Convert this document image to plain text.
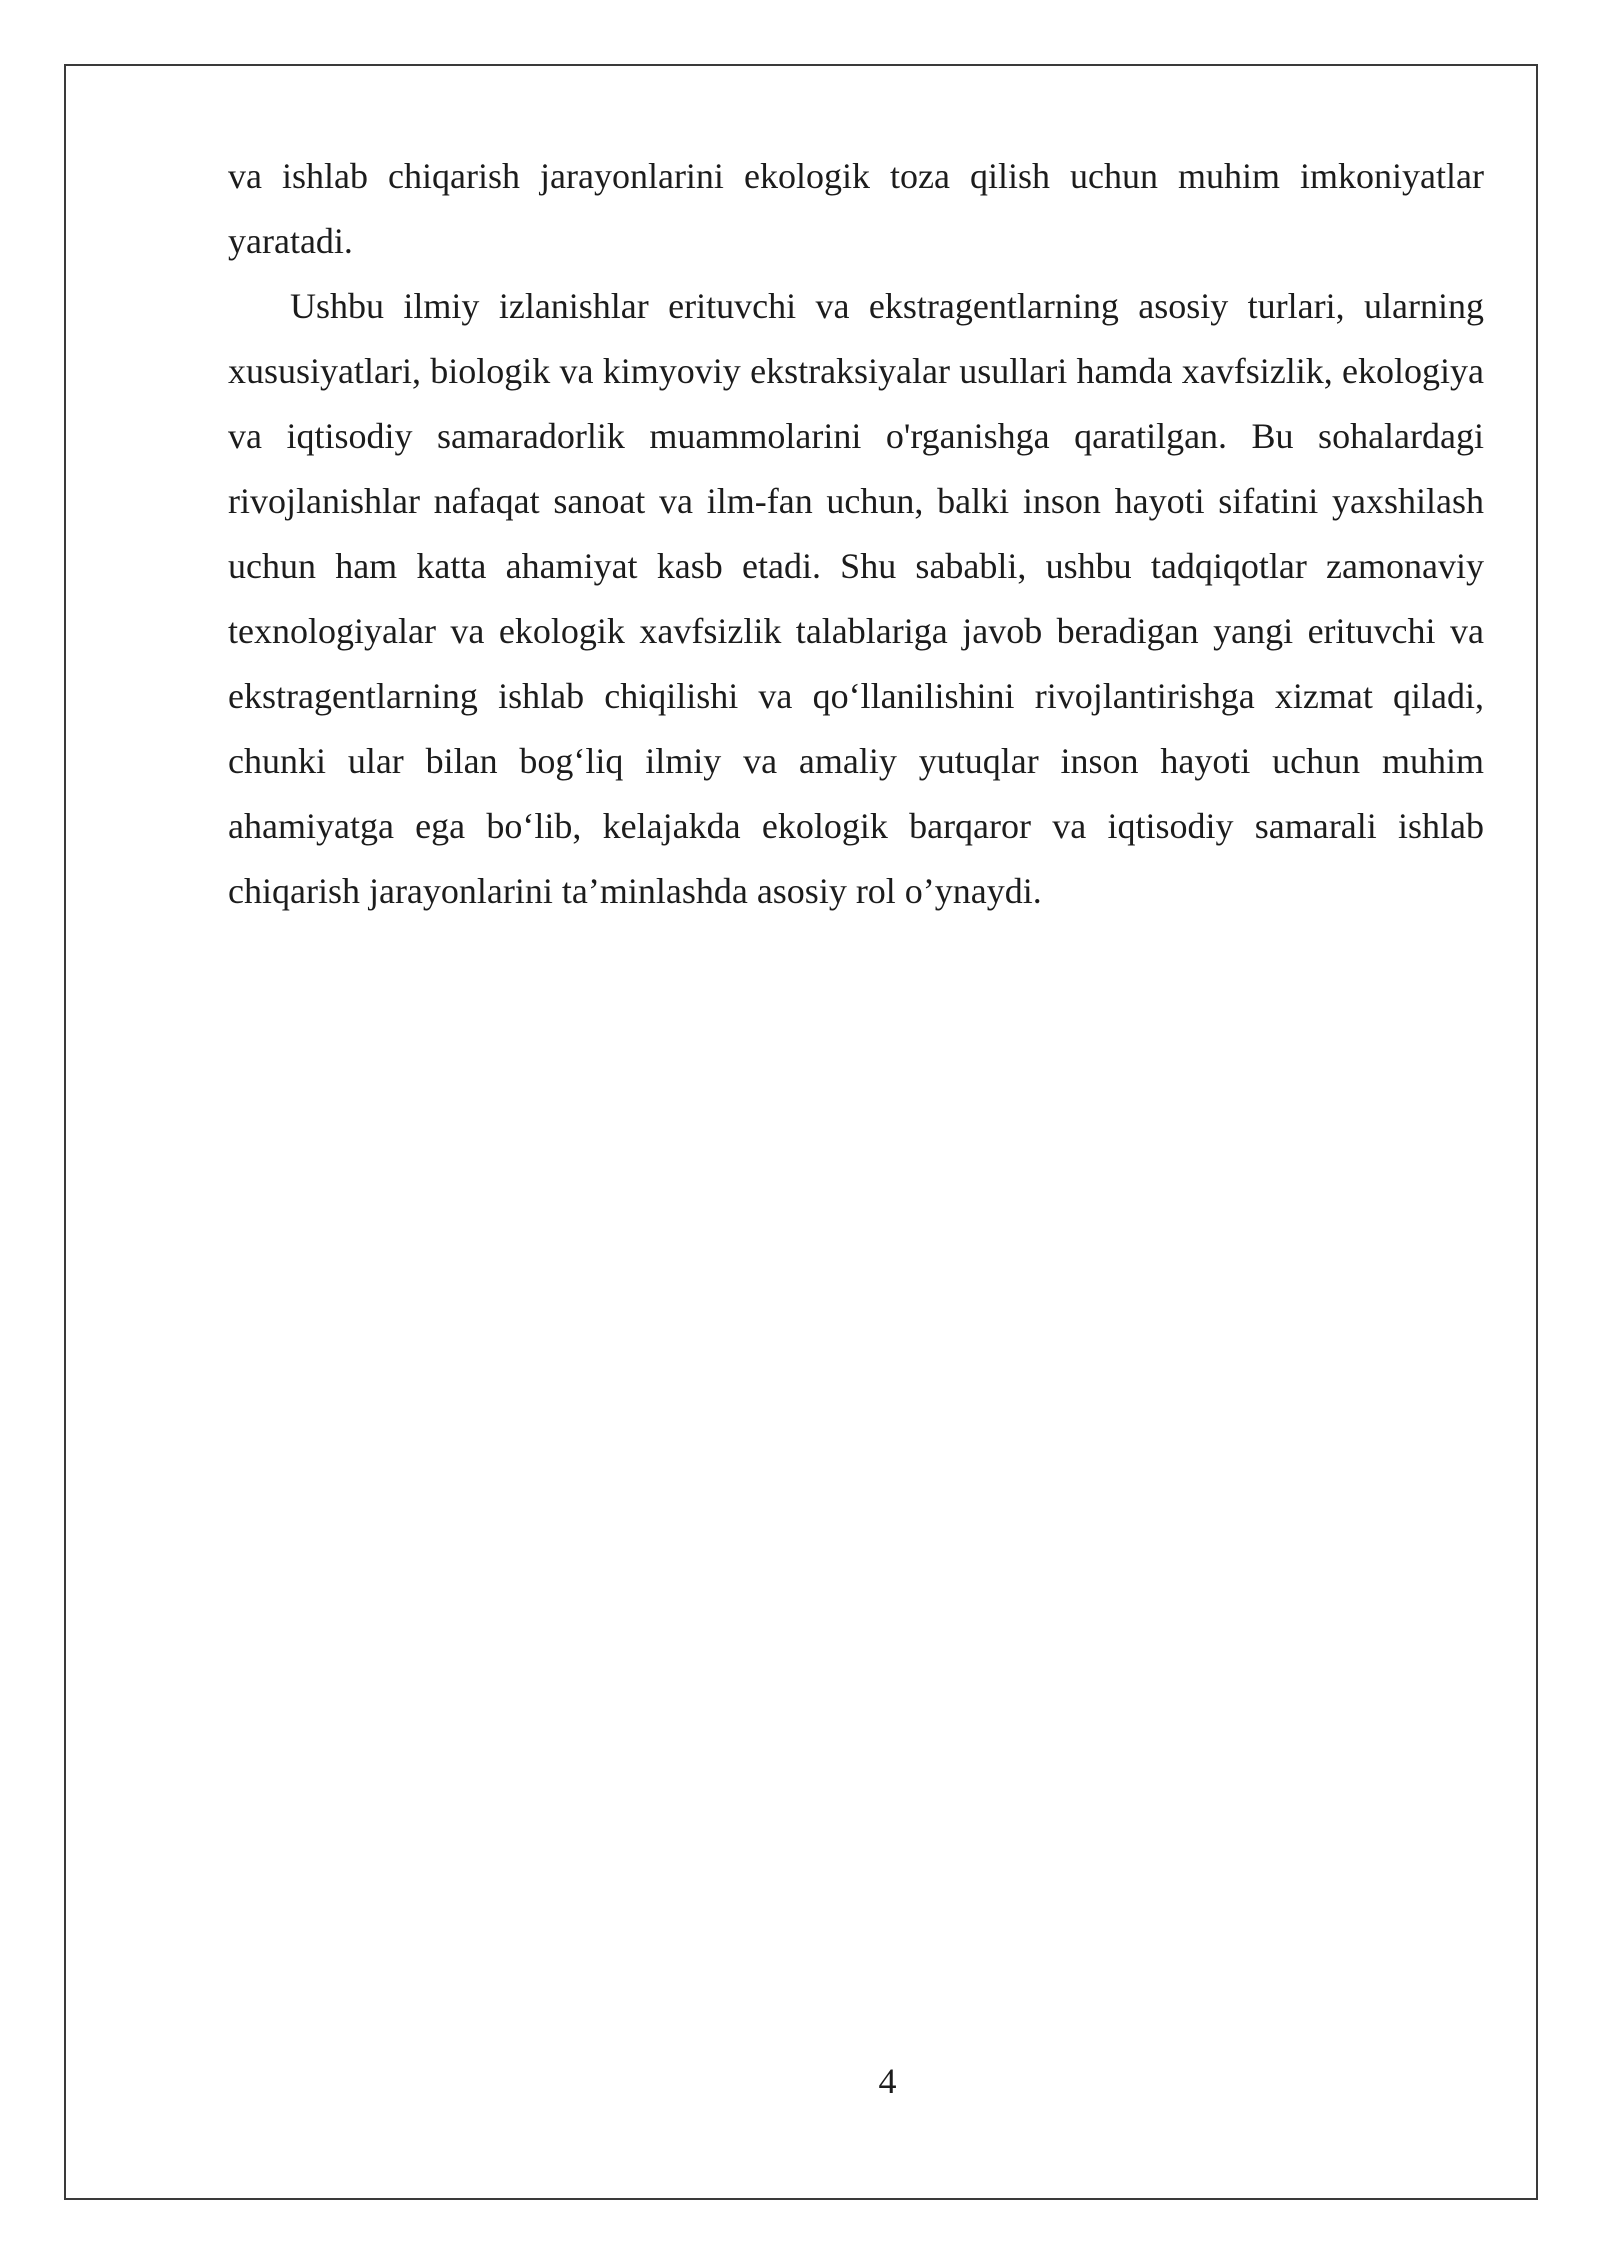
va ishlab chiqarish jarayonlarini ekologik toza qilish uchun muhim imkoniyatlar yaratadi.

Ushbu ilmiy izlanishlar erituvchi va ekstragentlarning asosiy turlari, ularning xususiyatlari, biologik va kimyoviy ekstraksiyalar usullari hamda xavfsizlik, ekologiya va iqtisodiy samaradorlik muammolarini o'rganishga qaratilgan. Bu sohalardagi rivojlanishlar nafaqat sanoat va ilm-fan uchun, balki inson hayoti sifatini yaxshilash uchun ham katta ahamiyat kasb etadi. Shu sababli, ushbu tadqiqotlar zamonaviy texnologiyalar va ekologik xavfsizlik talablariga javob beradigan yangi erituvchi va ekstragentlarning ishlab chiqilishi va qo‘llanilishini rivojlantirishga xizmat qiladi, chunki ular bilan bog‘liq ilmiy va amaliy yutuqlar inson hayoti uchun muhim ahamiyatga ega bo‘lib, kelajakda ekologik barqaror va iqtisodiy samarali ishlab chiqarish jarayonlarini ta’minlashda asosiy rol o’ynaydi.

4
